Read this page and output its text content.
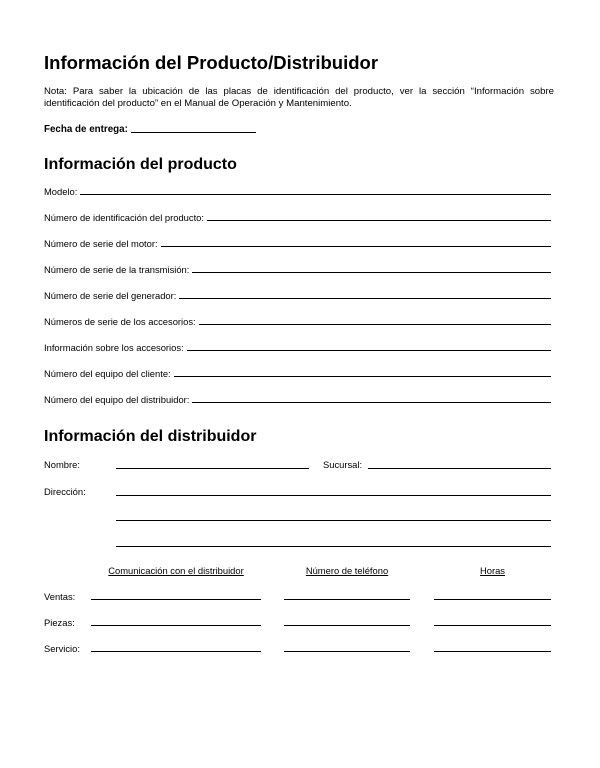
Información del Producto/Distribuidor
Nota: Para saber la ubicación de las placas de identificación del producto, ver la sección “Información sobre identificación del producto” en el Manual de Operación y Mantenimiento.
Fecha de entrega:
Información del producto
Modelo:
Número de identificación del producto:
Número de serie del motor:
Número de serie de la transmisión:
Número de serie del generador:
Números de serie de los accesorios:
Información sobre los accesorios:
Número del equipo del cliente:
Número del equipo del distribuidor:
Información del distribuidor
Nombre:	Sucursal:
Dirección:
Comunicación con el distribuidor	Número de teléfono	Horas
Ventas:
Piezas:
Servicio:
